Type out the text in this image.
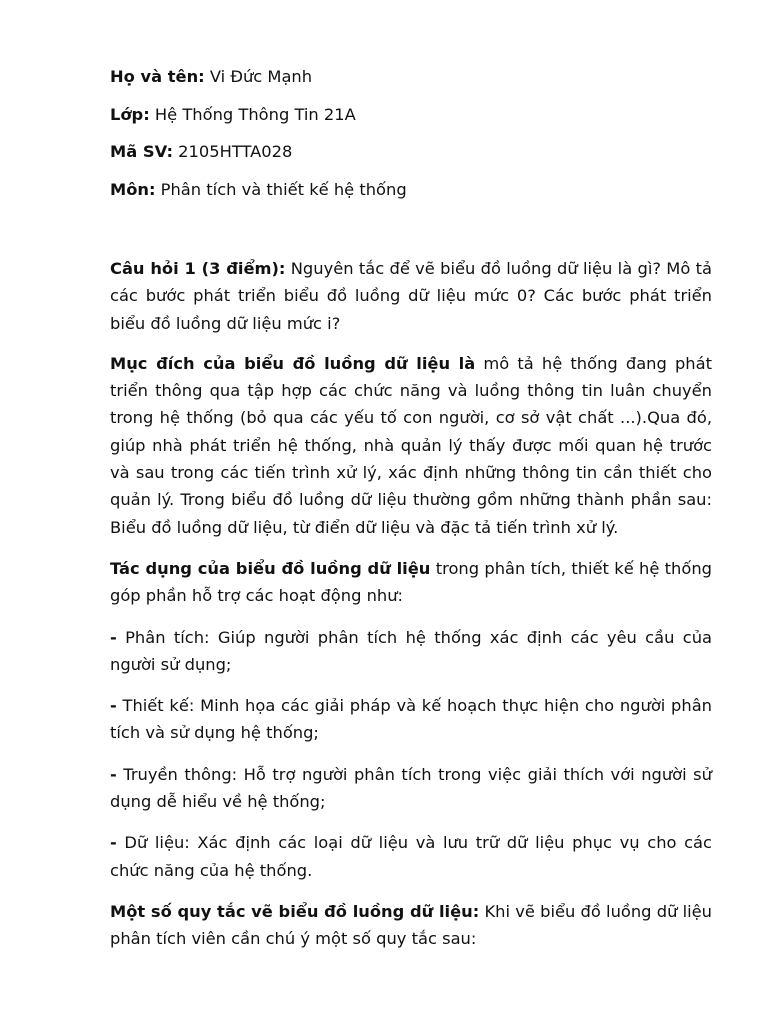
Họ và tên: Vi Đức Mạnh

Lớp: Hệ Thống Thông Tin 21A

Mã SV: 2105HTTA028

Môn: Phân tích và thiết kế hệ thống

Câu hỏi 1 (3 điểm): Nguyên tắc để vẽ biểu đồ luồng dữ liệu là gì? Mô tả các bước phát triển biểu đồ luồng dữ liệu mức 0? Các bước phát triển biểu đồ luồng dữ liệu mức i?

Mục đích của biểu đồ luồng dữ liệu là mô tả hệ thống đang phát triển thông qua tập hợp các chức năng và luồng thông tin luân chuyển trong hệ thống (bỏ qua các yếu tố con người, cơ sở vật chất ...).Qua đó, giúp nhà phát triển hệ thống, nhà quản lý thấy được mối quan hệ trước và sau trong các tiến trình xử lý, xác định những thông tin cần thiết cho quản lý. Trong biểu đồ luồng dữ liệu thường gồm những thành phần sau: Biểu đồ luồng dữ liệu, từ điển dữ liệu và đặc tả tiến trình xử lý.

Tác dụng của biểu đồ luồng dữ liệu trong phân tích, thiết kế hệ thống góp phần hỗ trợ các hoạt động như:

- Phân tích: Giúp người phân tích hệ thống xác định các yêu cầu của người sử dụng;

- Thiết kế: Minh họa các giải pháp và kế hoạch thực hiện cho người phân tích và sử dụng hệ thống;

- Truyền thông: Hỗ trợ người phân tích trong việc giải thích với người sử dụng dễ hiểu về hệ thống;

- Dữ liệu: Xác định các loại dữ liệu và lưu trữ dữ liệu phục vụ cho các chức năng của hệ thống.

Một số quy tắc vẽ biểu đồ luồng dữ liệu: Khi vẽ biểu đồ luồng dữ liệu phân tích viên cần chú ý một số quy tắc sau:
